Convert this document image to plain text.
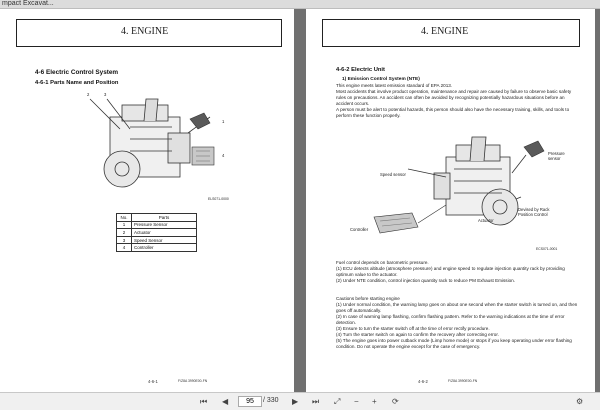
mpact Excavat...
4. ENGINE
4-6 Electric Control System
4-6-1 Parts Name and Position
2	3
1
4
ELS071-0000
No.	Parts
1	Pressure Sensor
2	Actuator
3	Speed Sensor
4	Controller
4-6-1	F/Z8A 3990E00-FN
4. ENGINE
4-6-2 Electric Unit
1) Emission Control System (NTE)
This engine meets latest emission standard of EPA 2013.
Most accidents that involve product operation, maintenance and repair are caused by failure to observe basic safety rules on precautions. An accident can often be avoided by recognizing potentially hazardous situations before an accident occurs.
A person must be alert to potential hazards, this person should also have the necessary training, skills, and tools to perform these function properly.
Pressure sensor
Speed sensor
Devised by Rack Position Control
Actuator
Controller
ECS071-0001
Fuel control depends on barometric pressure.
(1) ECU detects altitude (atmosphere pressure) and engine speed to regulate injection quantity rack by providing optimum value to the actuator.
(2) Under NTE condition, control injection quantity rack to reduce PM Exhaust Emission.
Cautions before starting engine
(1) Under normal condition, the warning lamp goes on about one second when the starter switch is turned on, and then goes off automatically.
(2) In case of warning lamp flashing, confirm flashing pattern. Refer to the warning indications at the time of error detection.
(3) Ensure to turn the starter switch off at the time of error rectify procedure.
(4) Turn the starter switch on again to confirm the recovery after correcting error.
(5) The engine goes into power cutback mode (Limp home mode) or stops if you keep operating under error flashing condition. Do not operate the engine except for the case of emergency.
4-6-2	F/Z8A 3990E00-FN
⏮ ◀	95	/ 330 ▶ ⏭ ⤢ − + ⟳	⚙
